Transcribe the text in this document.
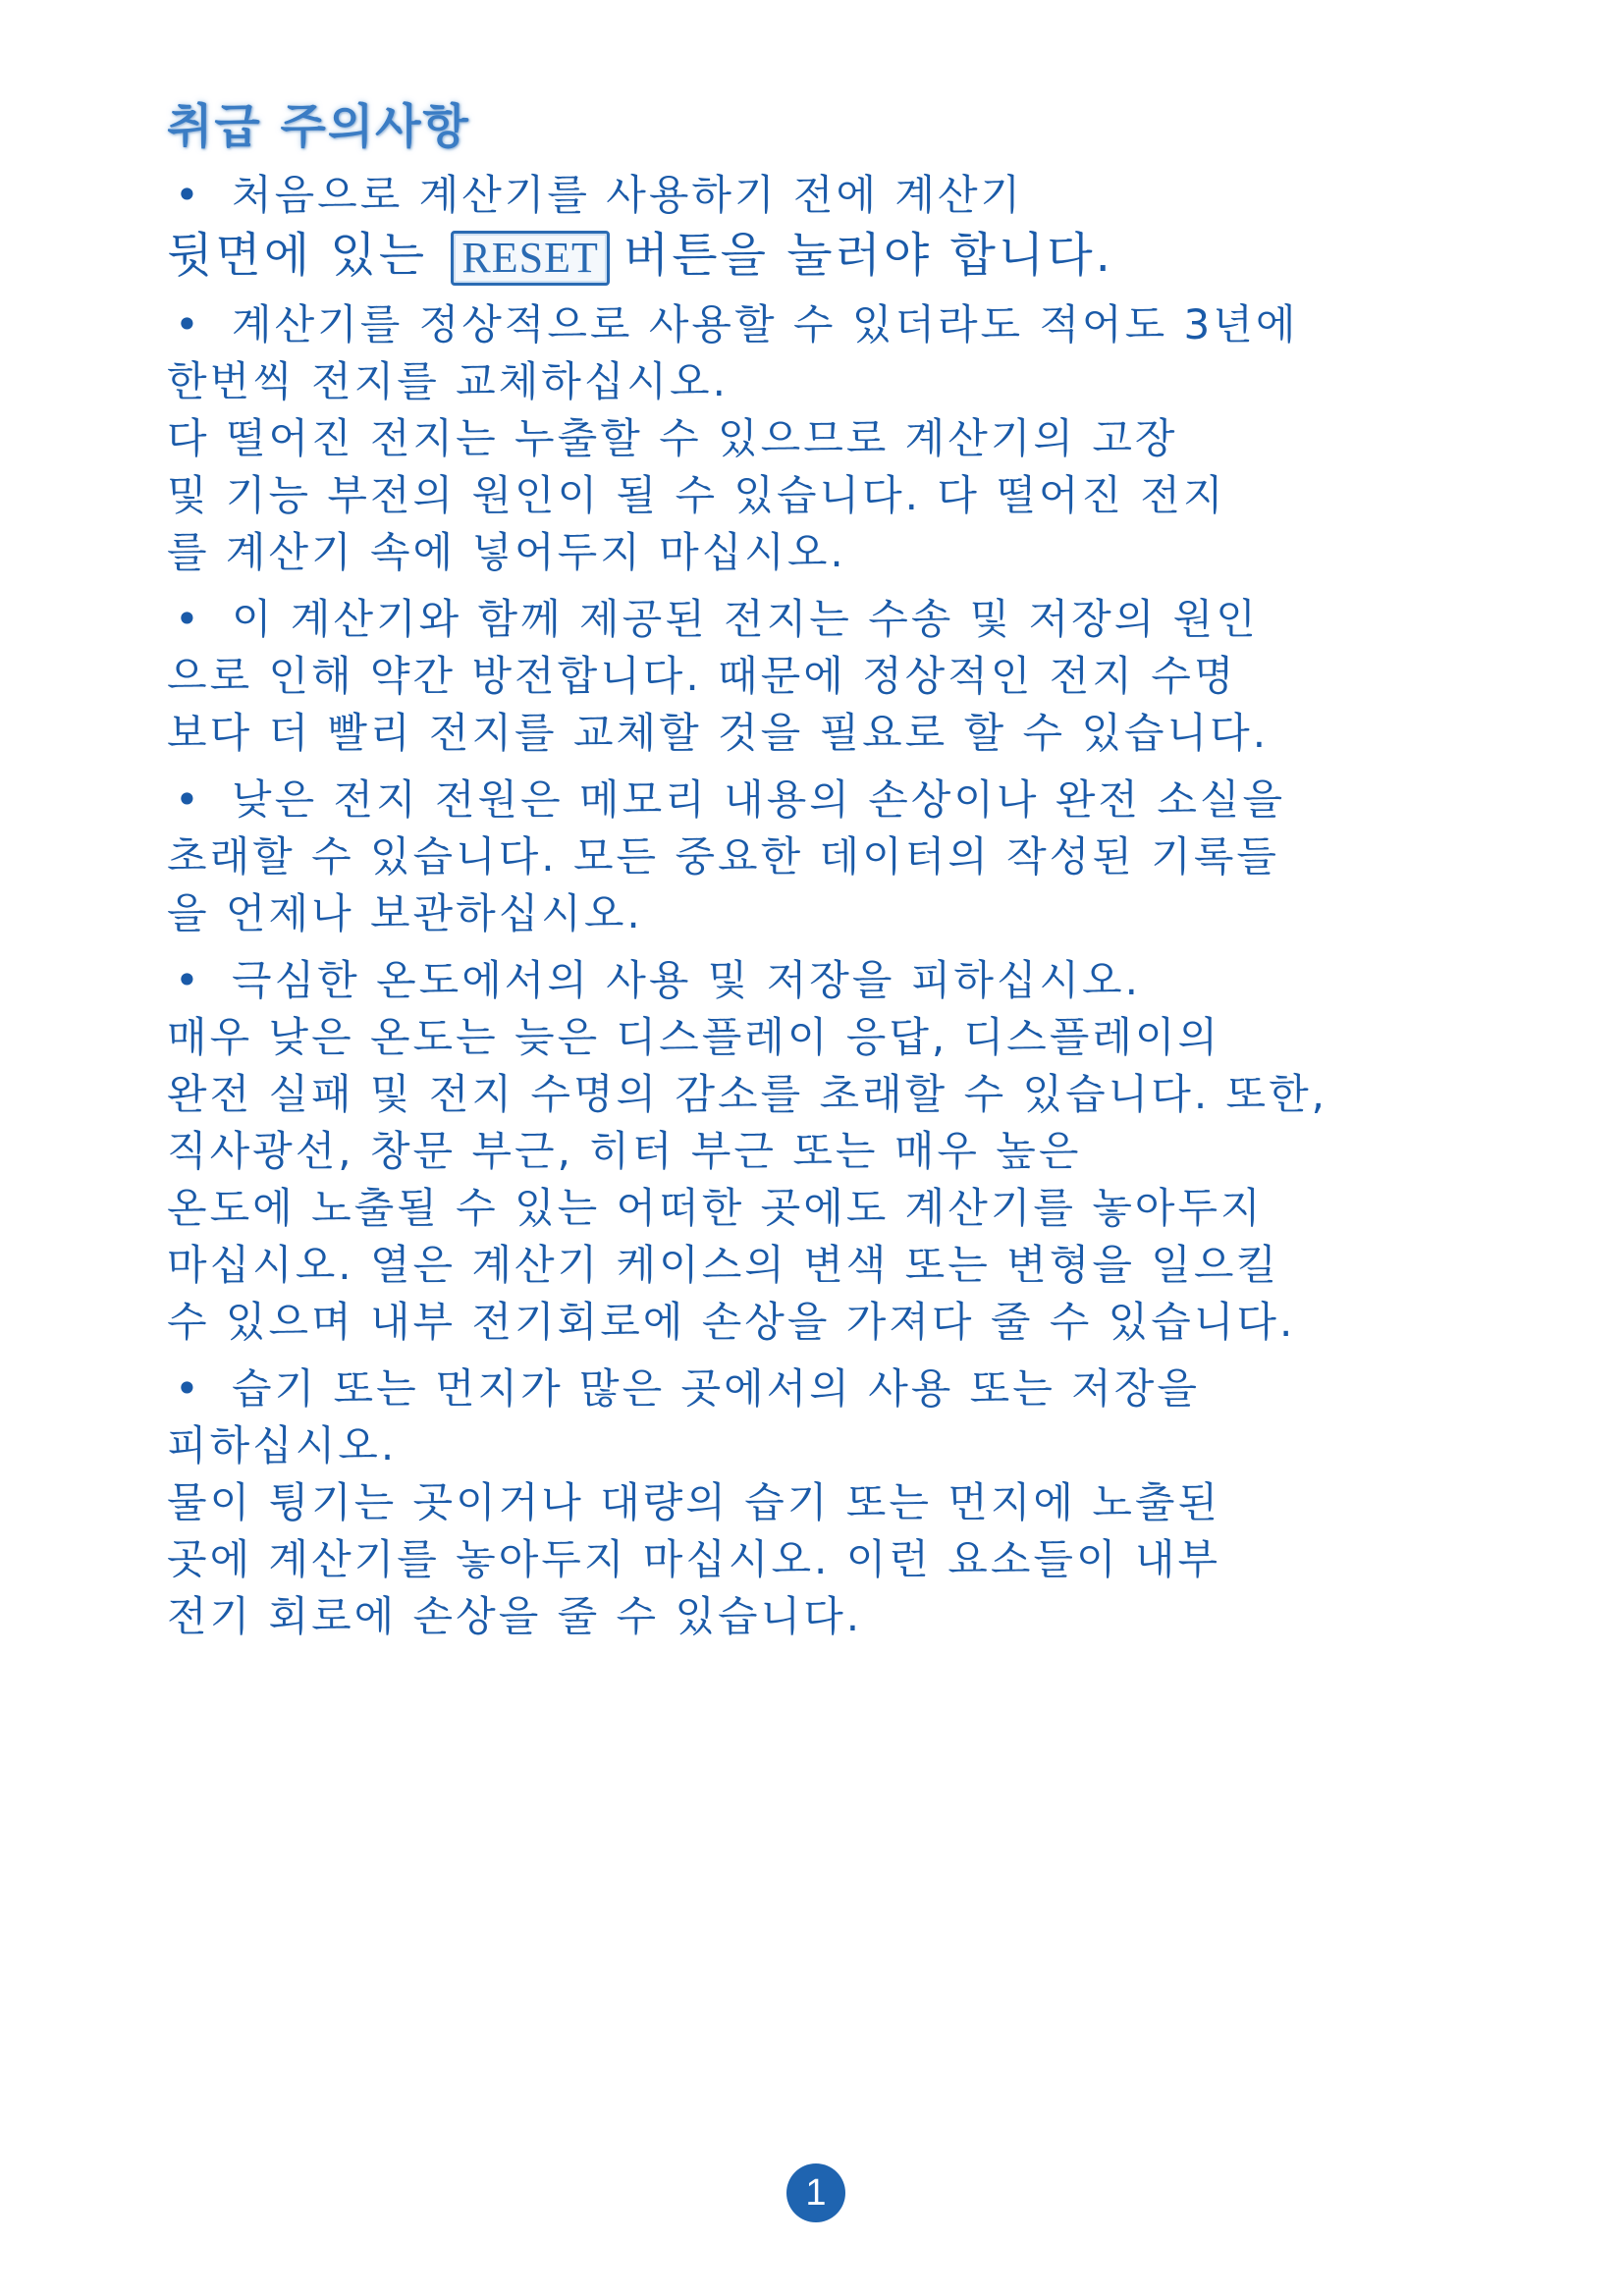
취급 주의사항
• 처음으로 계산기를 사용하기 전에 계산기
뒷면에 있는 RESET 버튼을 눌러야 합니다.
• 계산기를 정상적으로 사용할 수 있더라도 적어도 3년에
한번씩 전지를 교체하십시오.
다 떨어진 전지는 누출할 수 있으므로 계산기의 고장
및 기능 부전의 원인이 될 수 있습니다. 다 떨어진 전지
를 계산기 속에 넣어두지 마십시오.
• 이 계산기와 함께 제공된 전지는 수송 및 저장의 원인
으로 인해 약간 방전합니다. 때문에 정상적인 전지 수명
보다 더 빨리 전지를 교체할 것을 필요로 할 수 있습니다.
• 낮은 전지 전원은 메모리 내용의 손상이나 완전 소실을
초래할 수 있습니다. 모든 중요한 데이터의 작성된 기록들
을 언제나 보관하십시오.
• 극심한 온도에서의 사용 및 저장을 피하십시오.
매우 낮은 온도는 늦은 디스플레이 응답, 디스플레이의
완전 실패 및 전지 수명의 감소를 초래할 수 있습니다. 또한,
직사광선, 창문 부근, 히터 부근 또는 매우 높은
온도에 노출될 수 있는 어떠한 곳에도 계산기를 놓아두지
마십시오. 열은 계산기 케이스의 변색 또는 변형을 일으킬
수 있으며 내부 전기회로에 손상을 가져다 줄 수 있습니다.
• 습기 또는 먼지가 많은 곳에서의 사용 또는 저장을
피하십시오.
물이 튕기는 곳이거나 대량의 습기 또는 먼지에 노출된
곳에 계산기를 놓아두지 마십시오. 이런 요소들이 내부
전기 회로에 손상을 줄 수 있습니다.
1
